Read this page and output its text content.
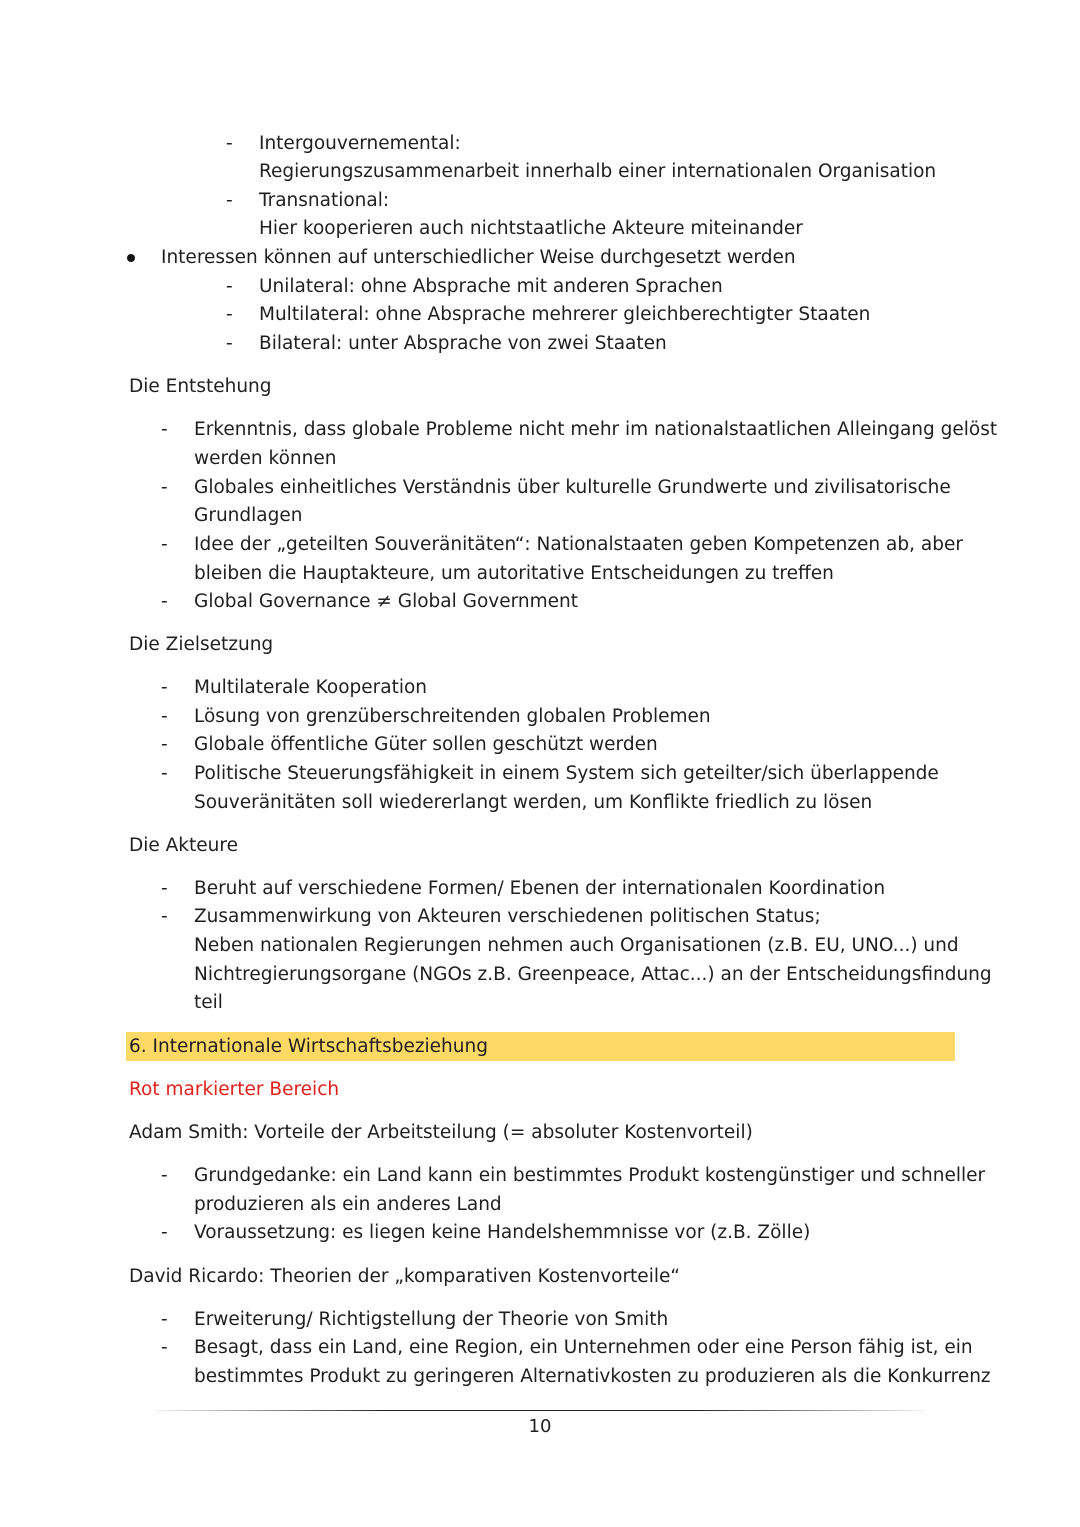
- Intergouvernemental:
Regierungszusammenarbeit innerhalb einer internationalen Organisation
- Transnational:
Hier kooperieren auch nichtstaatliche Akteure miteinander
Interessen können auf unterschiedlicher Weise durchgesetzt werden
- Unilateral: ohne Absprache mit anderen Sprachen
- Multilateral: ohne Absprache mehrerer gleichberechtigter Staaten
- Bilateral: unter Absprache von zwei Staaten
Die Entstehung
- Erkenntnis, dass globale Probleme nicht mehr im nationalstaatlichen Alleingang gelöst
werden können
- Globales einheitliches Verständnis über kulturelle Grundwerte und zivilisatorische
Grundlagen
- Idee der „geteilten Souveränitäten“: Nationalstaaten geben Kompetenzen ab, aber
bleiben die Hauptakteure, um autoritative Entscheidungen zu treffen
- Global Governance ≠ Global Government
Die Zielsetzung
- Multilaterale Kooperation
- Lösung von grenzüberschreitenden globalen Problemen
- Globale öffentliche Güter sollen geschützt werden
- Politische Steuerungsfähigkeit in einem System sich geteilter/sich überlappende
Souveränitäten soll wiedererlangt werden, um Konflikte friedlich zu lösen
Die Akteure
- Beruht auf verschiedene Formen/ Ebenen der internationalen Koordination
- Zusammenwirkung von Akteuren verschiedenen politischen Status;
Neben nationalen Regierungen nehmen auch Organisationen (z.B. EU, UNO...) und
Nichtregierungsorgane (NGOs z.B. Greenpeace, Attac...) an der Entscheidungsfindung
teil
6. Internationale Wirtschaftsbeziehung
Rot markierter Bereich
Adam Smith: Vorteile der Arbeitsteilung (= absoluter Kostenvorteil)
- Grundgedanke: ein Land kann ein bestimmtes Produkt kostengünstiger und schneller
produzieren als ein anderes Land
- Voraussetzung: es liegen keine Handelshemmnisse vor (z.B. Zölle)
David Ricardo: Theorien der „komparativen Kostenvorteile“
- Erweiterung/ Richtigstellung der Theorie von Smith
- Besagt, dass ein Land, eine Region, ein Unternehmen oder eine Person fähig ist, ein
bestimmtes Produkt zu geringeren Alternativkosten zu produzieren als die Konkurrenz
10
